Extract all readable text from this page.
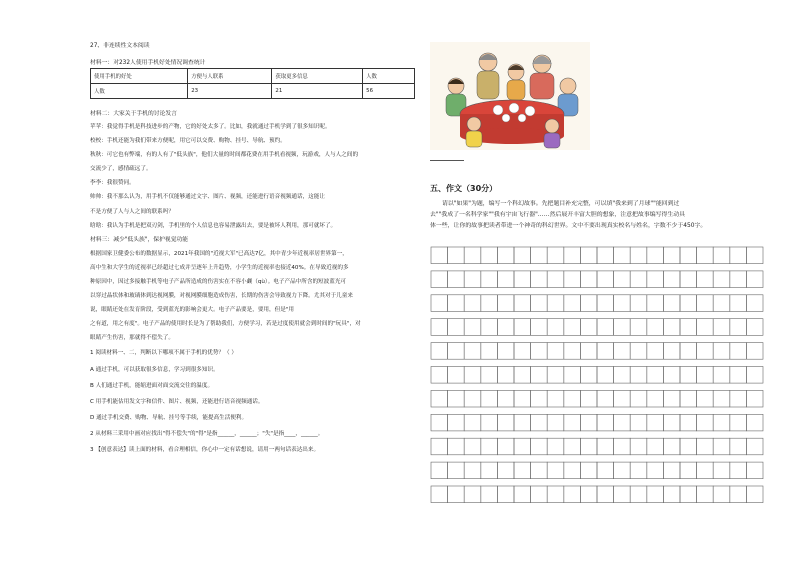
27、非连续性文本阅读
材料一：对232人使用手机好处情况调查统计
使用手机的好处	方便与人联系	获取更多信息	人数
人数	23	21	56
材料二：大家关于手机的讨论发言
苹苹：我觉得手机是科技进步的产物，它的好处太多了。比如，我就通过手机学到了很多知识呢。
校校：手机还能为我们带来方便呢，用它可以交费、购物、挂号、导航、预约。
秋秋：可它也有弊端，有的人有了"低头族"，他们大量的时间都花费在用手机看视频，玩游戏，人与人之间的
交流少了，感情疏远了。
李李：我很赞同。
帅帅：我不那么认为，用手机不仅能够通过文字、图片、视频，还能进行语音视频通话，这能让
不是方便了人与人之间的联系吗？
晗晗：我认为手机是把双刃剑，手机里的个人信息也容易泄露出去，要是被坏人利用，那可就坏了。
材料三：减少"低头族"，保护视觉功能
根据国家卫健委公布的数据显示，2021年我国的"近视大军"已高达7亿，其中青少年近视率居世界第一，
高中生和大学生的近视率已经超过七成并呈逐年上升趋势，小学生的近视率也接近40%。在导致近视的多
种原因中，因过多接触手机等电子产品所造成的伤害实在不容小觑（qù）。电子产品中所含的短波蓝光可
以穿过晶状体和玻璃体到达视网膜，对视网膜细胞造成伤害，长期的伤害会导致视力下降。尤其对于儿童来
说，眼睛还处在发育阶段，受到蓝光的影响会更大。电子产品要是，要用，但是"用
之有道，用之有度"。电子产品的使用时长是为了帮助我们，方便学习，若是过度使用就会到时间的"玩具"，对
眼睛产生伤害，那就得不偿失了。
1 阅读材料一、二，判断以下哪项不属于手机的优势？（ ）
A 通过手机，可以获取很多信息，学习到很多知识。
B 人们通过手机，能缩进面对面交流交往的温度。
C 用手机能估用发文字和信件、图片、视频，还能进行语音视频通话。
D 通过手机交费、购物、导航、挂号等手续，能提高生活便利。
2 从材料三采用中画对应找出"得不偿失"的"得"是指______，______；"失"是指____，______。
3 【创意表达】读上面的材料，看合理相信，你心中一定有话想说，请用一两句话表达出来。
五、作文（30分）
请以"如果"为题，编写一个科幻故事。先把题目补充完整，可以填"我来到了月球""能回到过
去""我成了一名科学家""我有宇宙飞行器"……然后展开丰富大胆的想象，注意把故事编写得生动具
体一些，让你的故事把读者带进一个神奇的科幻世界。文中不要出现真实校名与姓名，字数不少于450字。
